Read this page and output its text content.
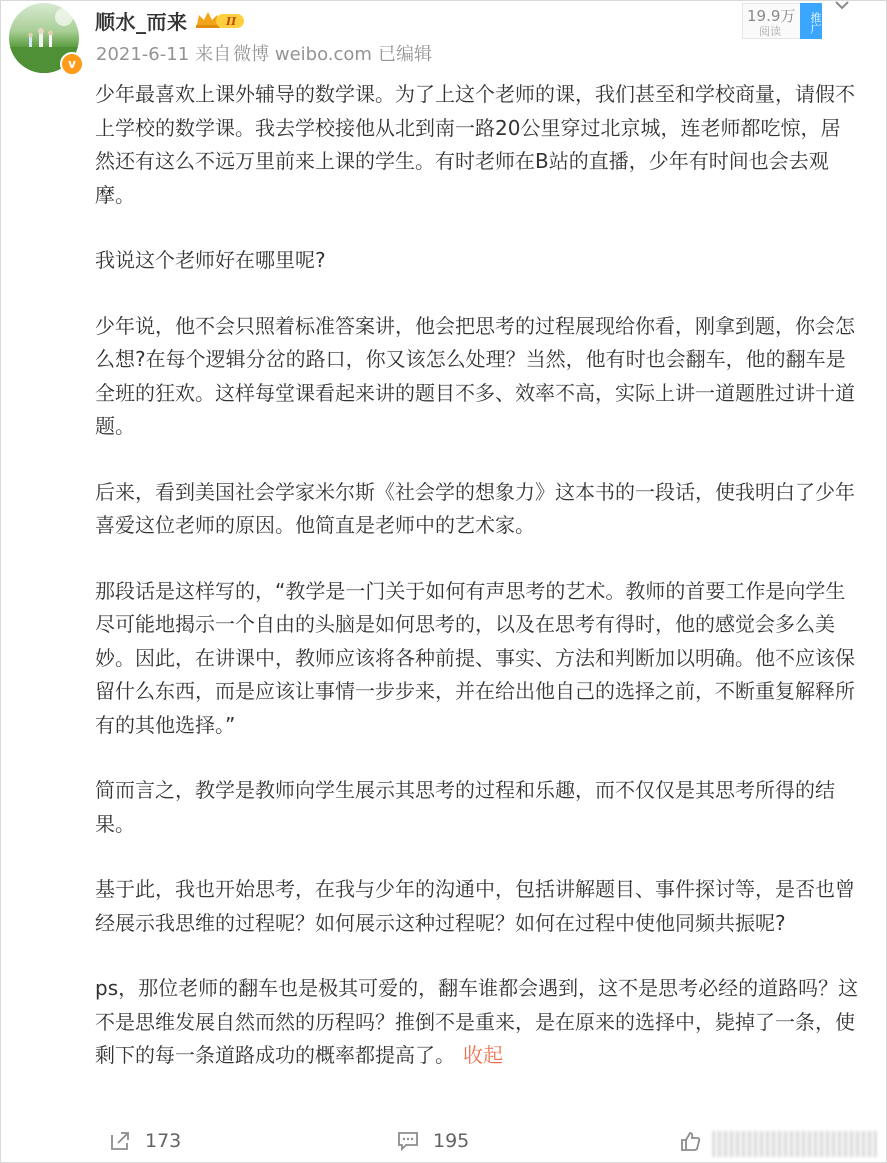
v
顺水_而来	II
2021-6-11 来自 微博 weibo.com 已编辑
19.9万
阅读	推广

少年最喜欢上课外辅导的数学课。为了上这个老师的课，我们甚至和学校商量，请假不上学校的数学课。我去学校接他从北到南一路20公里穿过北京城，连老师都吃惊，居然还有这么不远万里前来上课的学生。有时老师在B站的直播，少年有时间也会去观摩。

我说这个老师好在哪里呢?

少年说，他不会只照着标准答案讲，他会把思考的过程展现给你看，刚拿到题，你会怎么想?在每个逻辑分岔的路口，你又该怎么处理？当然，他有时也会翻车，他的翻车是全班的狂欢。这样每堂课看起来讲的题目不多、效率不高，实际上讲一道题胜过讲十道题。

后来，看到美国社会学家米尔斯《社会学的想象力》这本书的一段话，使我明白了少年喜爱这位老师的原因。他简直是老师中的艺术家。

那段话是这样写的，“教学是一门关于如何有声思考的艺术。教师的首要工作是向学生尽可能地揭示一个自由的头脑是如何思考的，以及在思考有得时，他的感觉会多么美妙。因此，在讲课中，教师应该将各种前提、事实、方法和判断加以明确。他不应该保留什么东西，而是应该让事情一步步来，并在给出他自己的选择之前，不断重复解释所有的其他选择。”

简而言之，教学是教师向学生展示其思考的过程和乐趣，而不仅仅是其思考所得的结果。

基于此，我也开始思考，在我与少年的沟通中，包括讲解题目、事件探讨等，是否也曾经展示我思维的过程呢？如何展示这种过程呢？如何在过程中使他同频共振呢?

ps，那位老师的翻车也是极其可爱的，翻车谁都会遇到，这不是思考必经的道路吗？这不是思维发展自然而然的历程吗？推倒不是重来，是在原来的选择中，毙掉了一条，使剩下的每一条道路成功的概率都提高了。 收起

173	195
